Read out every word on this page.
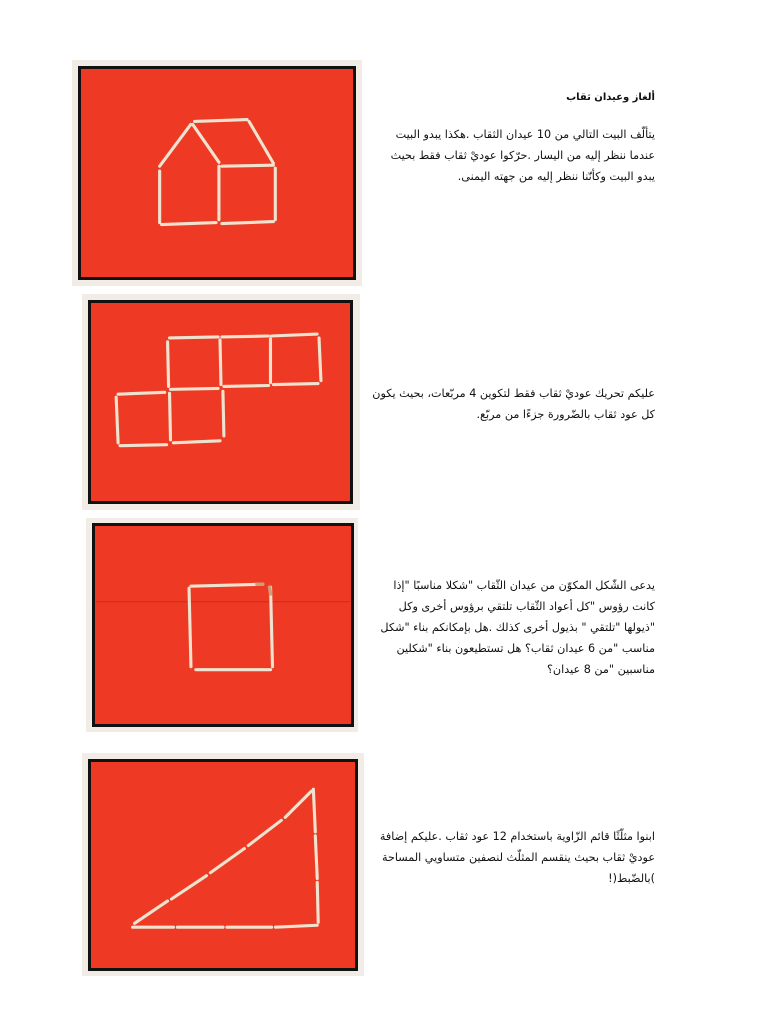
ألغاز وعيدان ثقاب
يتألّف البيت التالي من 10 عيدان الثقاب .هكذا يبدو البيت عندما ننظر إليه من اليسار .حرّكوا عوديْ ثقاب فقط بحيث يبدو البيت وكأنّنا ننظر إليه من جهته اليمنى.
عليكم تحريك عوديْ ثقاب فقط لتكوين 4 مربّعات، بحيث يكون كل عود ثقاب بالضّرورة جزءًا من مربّع.
يدعى الشّكل المكوّن من عيدان الثّقاب "شكلا مناسبًا "إذا كانت رؤوس "كل أعواد الثّقاب تلتقي برؤوس أخرى وكل "ذيولها "تلتقي " بذيول أخرى كذلك .هل بإمكانكم بناء "شكل مناسب "من 6 عيدان ثقاب؟ هل تستطيعون بناء "شكلين مناسبين "من 8 عيدان؟
ابنوا مثلّثًا قائم الزّاوية باستخدام 12 عود ثقاب .عليكم إضافة عوديْ ثقاب بحيث ينقسم المثلّث لنصفين متساويي المساحة )بالضّبط(!
